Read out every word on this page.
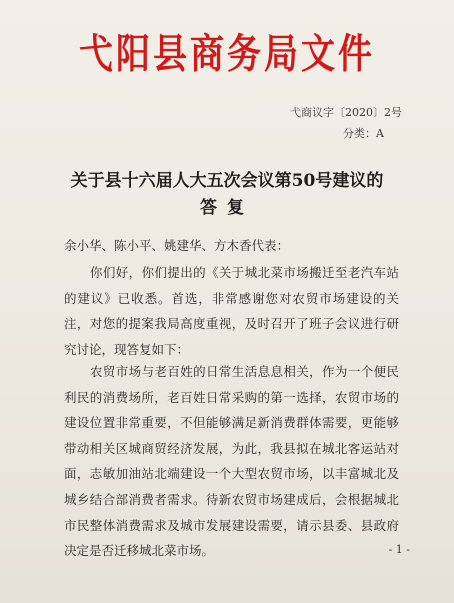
弋阳县商务局文件
弋商议字〔2020〕2号
分类：A
关于县十六届人大五次会议第50号建议的
答复
余小华、陈小平、姚建华、方木香代表：

你们好，你们提出的《关于城北菜市场搬迁至老汽车站的建议》已收悉。首选，非常感谢您对农贸市场建设的关注，对您的提案我局高度重视，及时召开了班子会议进行研究讨论，现答复如下：

农贸市场与老百姓的日常生活息息相关，作为一个便民利民的消费场所，老百姓日常采购的第一选择，农贸市场的建设位置非常重要，不但能够满足新消费群体需要，更能够带动相关区城商贸经济发展，为此，我县拟在城北客运站对面，志敏加油站北端建设一个大型农贸市场，以丰富城北及城乡结合部消费者需求。待新农贸市场建成后，会根据城北市民整体消费需求及城市发展建设需要，请示县委、县政府决定是否迁移城北菜市场。	- 1 -
